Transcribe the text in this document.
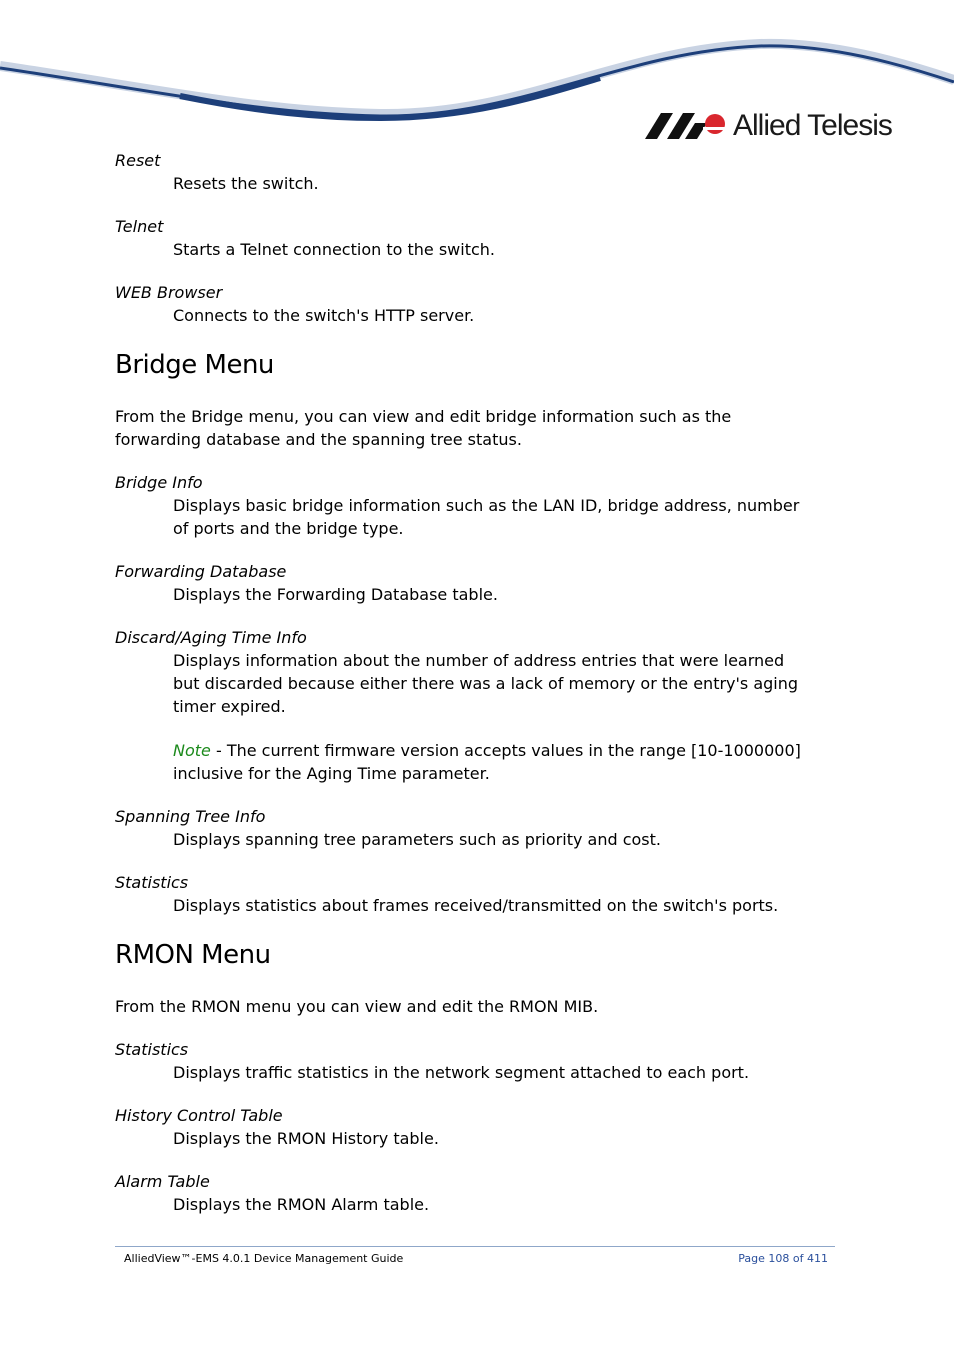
Allied Telesis

Reset

Resets the switch.

Telnet

Starts a Telnet connection to the switch.

WEB Browser

Connects to the switch's HTTP server.

Bridge Menu

From the Bridge menu, you can view and edit bridge information such as the forwarding database and the spanning tree status.

Bridge Info

Displays basic bridge information such as the LAN ID, bridge address, number of ports and the bridge type.

Forwarding Database

Displays the Forwarding Database table.

Discard/Aging Time Info

Displays information about the number of address entries that were learned but discarded because either there was a lack of memory or the entry's aging timer expired.

Note - The current firmware version accepts values in the range [10-1000000] inclusive for the Aging Time parameter.

Spanning Tree Info

Displays spanning tree parameters such as priority and cost.

Statistics

Displays statistics about frames received/transmitted on the switch's ports.

RMON Menu

From the RMON menu you can view and edit the RMON MIB.

Statistics

Displays traffic statistics in the network segment attached to each port.

History Control Table

Displays the RMON History table.

Alarm Table

Displays the RMON Alarm table.

AlliedView™-EMS 4.0.1 Device Management Guide	Page 108 of 411
